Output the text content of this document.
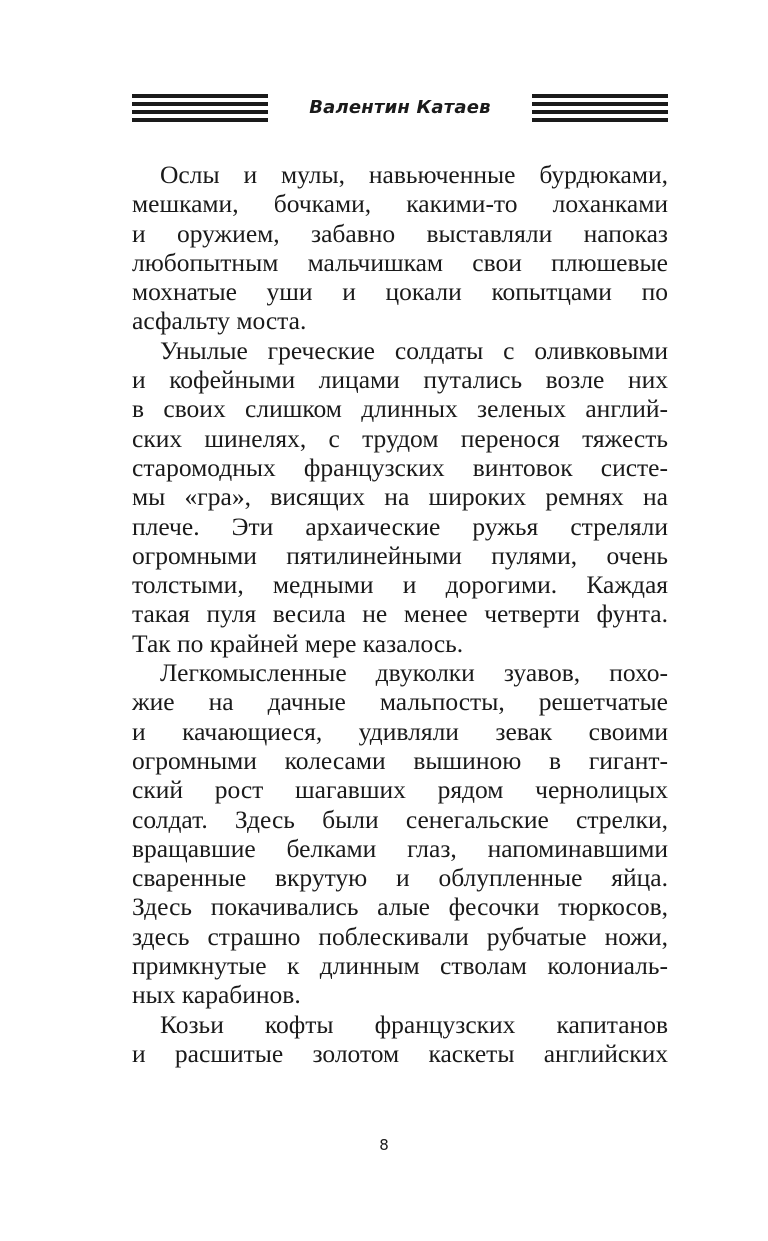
Валентин Катаев
Ослы и мулы, навьюченные бурдюками,
мешками, бочками, какими-то лоханками
и оружием, забавно выставляли напоказ
любопытным мальчишкам свои плюшевые
мохнатые уши и цокали копытцами по
асфальту моста.
Унылые греческие солдаты с оливковыми
и кофейными лицами путались возле них
в своих слишком длинных зеленых англий-
ских шинелях, с трудом перенося тяжесть
старомодных французских винтовок систе-
мы «гра», висящих на широких ремнях на
плече. Эти архаические ружья стреляли
огромными пятилинейными пулями, очень
толстыми, медными и дорогими. Каждая
такая пуля весила не менее четверти фунта.
Так по крайней мере казалось.
Легкомысленные двуколки зуавов, похо-
жие на дачные мальпосты, решетчатые
и качающиеся, удивляли зевак своими
огромными колесами вышиною в гигант-
ский рост шагавших рядом чернолицых
солдат. Здесь были сенегальские стрелки,
вращавшие белками глаз, напоминавшими
сваренные вкрутую и облупленные яйца.
Здесь покачивались алые фесочки тюркосов,
здесь страшно поблескивали рубчатые ножи,
примкнутые к длинным стволам колониаль-
ных карабинов.
Козьи кофты французских капитанов
и расшитые золотом каскеты английских
8
